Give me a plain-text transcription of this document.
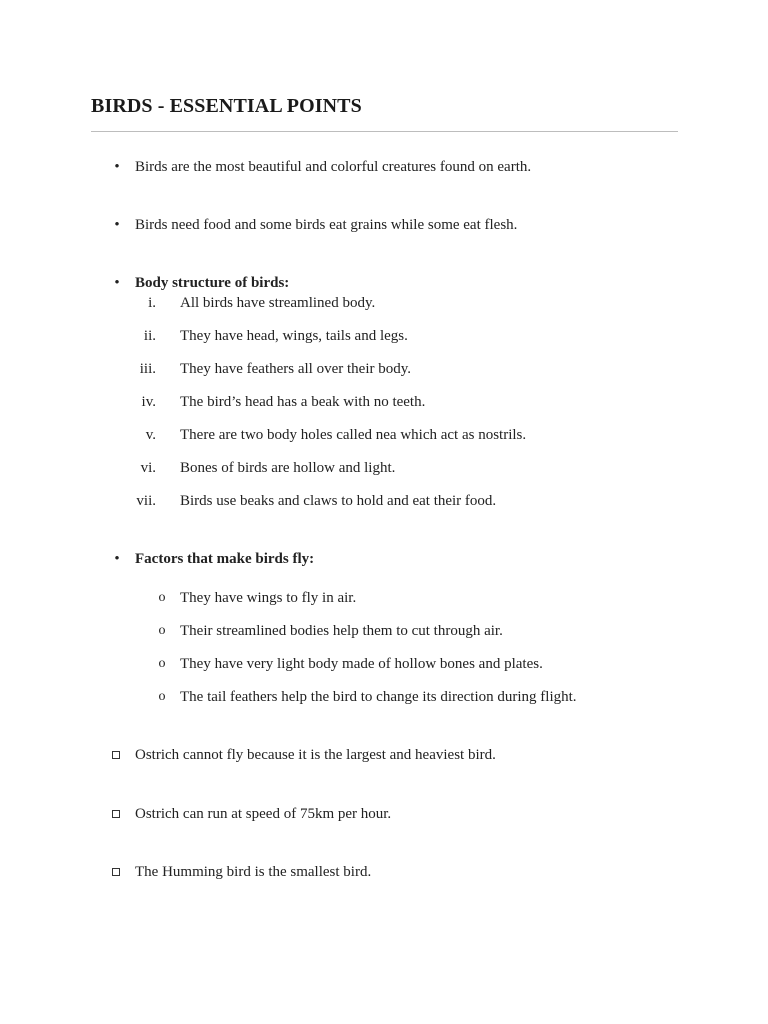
BIRDS - ESSENTIAL POINTS
• Birds are the most beautiful and colorful creatures found on earth.
• Birds need food and some birds eat grains while some eat flesh.
• Body structure of birds:
i. All birds have streamlined body.
ii. They have head, wings, tails and legs.
iii. They have feathers all over their body.
iv. The bird’s head has a beak with no teeth.
v. There are two body holes called nea which act as nostrils.
vi. Bones of birds are hollow and light.
vii. Birds use beaks and claws to hold and eat their food.
• Factors that make birds fly:
o They have wings to fly in air.
o Their streamlined bodies help them to cut through air.
o They have very light body made of hollow bones and plates.
o The tail feathers help the bird to change its direction during flight.
Ostrich cannot fly because it is the largest and heaviest bird.
Ostrich can run at speed of 75km per hour.
The Humming bird is the smallest bird.
